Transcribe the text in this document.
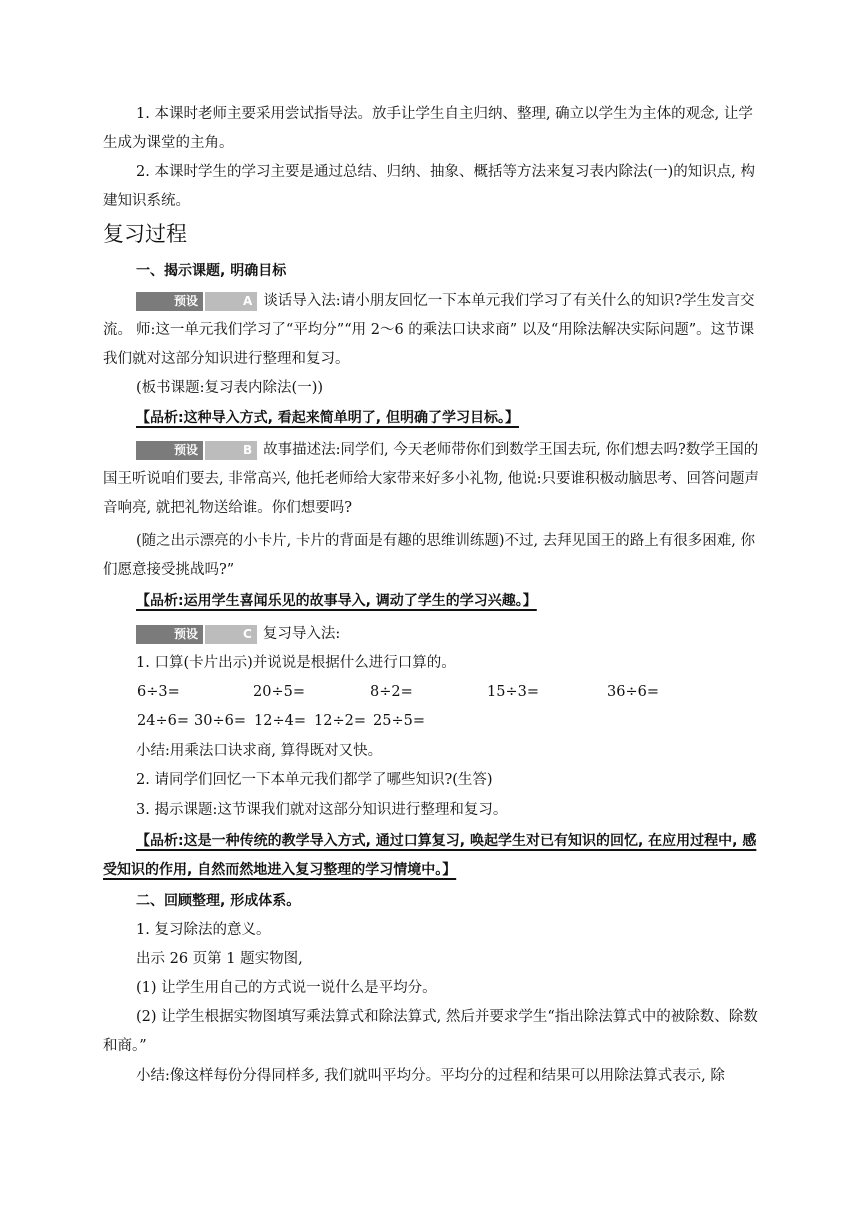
1. 本课时老师主要采用尝试指导法。放手让学生自主归纳、整理, 确立以学生为主体的观念, 让学生成为课堂的主角。

2. 本课时学生的学习主要是通过总结、归纳、抽象、概括等方法来复习表内除法(一)的知识点, 构建知识系统。

复习过程

一、揭示课题, 明确目标

预设	A 谈话导入法:请小朋友回忆一下本单元我们学习了有关什么的知识?学生发言交流。 师:这一单元我们学习了“平均分”“用 2～6 的乘法口诀求商” 以及“用除法解决实际问题”。这节课我们就对这部分知识进行整理和复习。

(板书课题:复习表内除法(一))

【品析:这种导入方式, 看起来简单明了, 但明确了学习目标。】

预设	B 故事描述法:同学们, 今天老师带你们到数学王国去玩, 你们想去吗?数学王国的国王听说咱们要去, 非常高兴, 他托老师给大家带来好多小礼物, 他说:只要谁积极动脑思考、回答问题声音响亮, 就把礼物送给谁。你们想要吗?

(随之出示漂亮的小卡片, 卡片的背面是有趣的思维训练题)不过, 去拜见国王的路上有很多困难, 你们愿意接受挑战吗?”

【品析:运用学生喜闻乐见的故事导入, 调动了学生的学习兴趣。】

预设	C 复习导入法:

1. 口算(卡片出示)并说说是根据什么进行口算的。

6÷3=	20÷5=	8÷2=	15÷3=	36÷6=
24÷6= 30÷6= 12÷4= 12÷2= 25÷5=

小结:用乘法口诀求商, 算得既对又快。

2. 请同学们回忆一下本单元我们都学了哪些知识?(生答)

3. 揭示课题:这节课我们就对这部分知识进行整理和复习。

【品析:这是一种传统的教学导入方式, 通过口算复习, 唤起学生对已有知识的回忆, 在应用过程中, 感受知识的作用, 自然而然地进入复习整理的学习情境中。】

二、回顾整理, 形成体系。

1. 复习除法的意义。

出示 26 页第 1 题实物图,

(1) 让学生用自己的方式说一说什么是平均分。

(2) 让学生根据实物图填写乘法算式和除法算式, 然后并要求学生“指出除法算式中的被除数、除数和商。”

小结:像这样每份分得同样多, 我们就叫平均分。平均分的过程和结果可以用除法算式表示, 除
